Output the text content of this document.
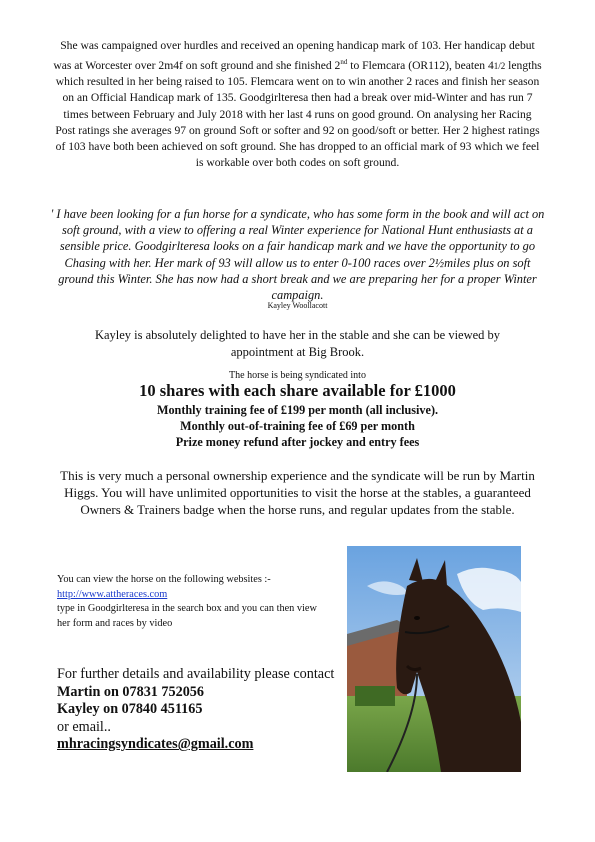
She was campaigned over hurdles and received an opening handicap mark of 103. Her handicap debut was at Worcester over 2m4f on soft ground and she finished 2nd to Flemcara (OR112), beaten 41/2 lengths which resulted in her being raised to 105. Flemcara went on to win another 2 races and finish her season on an Official Handicap mark of 135. Goodgirlteresa then had a break over mid-Winter and has run 7 times between February and July 2018 with her last 4 runs on good ground. On analysing her Racing Post ratings she averages 97 on ground Soft or softer and 92 on good/soft or better. Her 2 highest ratings of 103 have both been achieved on soft ground. She has dropped to an official mark of 93 which we feel is workable over both codes on soft ground.

' I have been looking for a fun horse for a syndicate, who has some form in the book and will act on soft ground, with a view to offering a real Winter experience for National Hunt enthusiasts at a sensible price. Goodgirlteresa looks on a fair handicap mark and we have the opportunity to go Chasing with her. Her mark of 93 will allow us to enter 0-100 races over 2½miles plus on soft ground this Winter. She has now had a short break and we are preparing her for a proper Winter campaign.

Kayley Woollacott

Kayley is absolutely delighted to have her in the stable and she can be viewed by appointment at Big Brook.

The horse is being syndicated into
10 shares with each share available for £1000
Monthly training fee of £199 per month (all inclusive).
Monthly out-of-training fee of £69 per month
Prize money refund after jockey and entry fees

This is very much a personal ownership experience and the syndicate will be run by Martin Higgs. You will have unlimited opportunities to visit the horse at the stables, a guaranteed Owners & Trainers badge when the horse runs, and regular updates from the stable.

You can view the horse on the following websites :-
http://www.attheraces.com
type in Goodgirlteresa in the search box and you can then view her form and races by video
For further details and availability please contact
Martin on 07831 752056
Kayley on 07840 451165
or email..
mhracingsyndicates@gmail.com
